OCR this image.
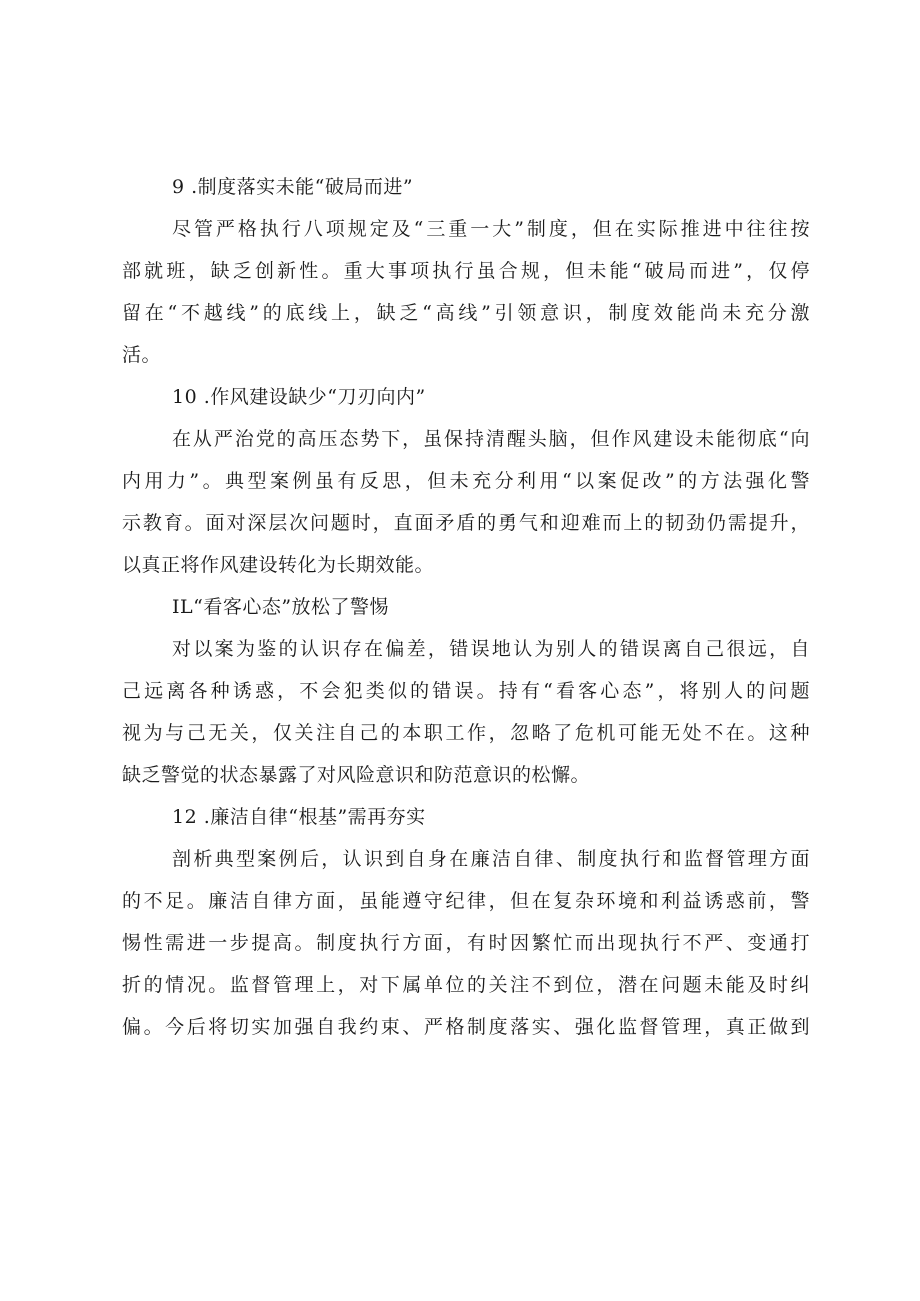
9 .制度落实未能“破局而进”

尽管严格执行八项规定及“三重一大”制度，但在实际推进中往往按
部就班，缺乏创新性。重大事项执行虽合规，但未能“破局而进”，仅停
留在“不越线”的底线上，缺乏“高线”引领意识，制度效能尚未充分激
活。

10 .作风建设缺少“刀刃向内”

在从严治党的高压态势下，虽保持清醒头脑，但作风建设未能彻底“向
内用力”。典型案例虽有反思，但未充分利用“以案促改”的方法强化警
示教育。面对深层次问题时，直面矛盾的勇气和迎难而上的韧劲仍需提升，
以真正将作风建设转化为长期效能。

IL“看客心态”放松了警惕

对以案为鉴的认识存在偏差，错误地认为别人的错误离自己很远，自
己远离各种诱惑，不会犯类似的错误。持有“看客心态”，将别人的问题
视为与己无关，仅关注自己的本职工作，忽略了危机可能无处不在。这种
缺乏警觉的状态暴露了对风险意识和防范意识的松懈。

12 .廉洁自律“根基”需再夯实

剖析典型案例后，认识到自身在廉洁自律、制度执行和监督管理方面
的不足。廉洁自律方面，虽能遵守纪律，但在复杂环境和利益诱惑前，警
惕性需进一步提高。制度执行方面，有时因繁忙而出现执行不严、变通打
折的情况。监督管理上，对下属单位的关注不到位，潜在问题未能及时纠
偏。今后将切实加强自我约束、严格制度落实、强化监督管理，真正做到
